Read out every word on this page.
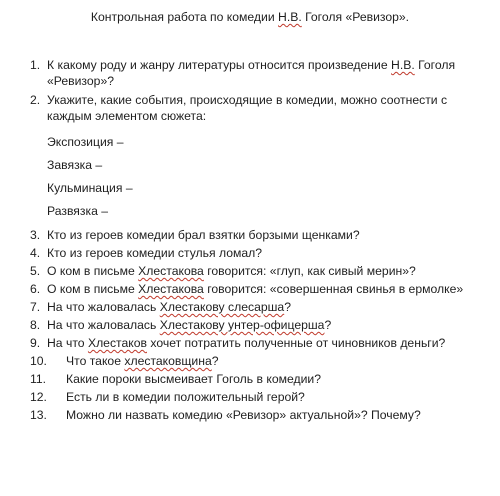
Контрольная работа по комедии Н.В. Гоголя «Ревизор».
1. К какому роду и жанру литературы относится произведение Н.В. Гоголя
«Ревизор»?
2. Укажите, какие события, происходящие в комедии, можно соотнести с
каждым элементом сюжета:
Экспозиция –
Завязка –
Кульминация –
Развязка –
3. Кто из героев комедии брал взятки борзыми щенками?
4. Кто из героев комедии стулья ломал?
5. О ком в письме Хлестакова говорится: «глуп, как сивый мерин»?
6. О ком в письме Хлестакова говорится: «совершенная свинья в ермолке»
7. На что жаловалась Хлестакову слесарша?
8. На что жаловалась Хлестакову унтер-офицерша?
9. На что Хлестаков хочет потратить полученные от чиновников деньги?
10. Что такое хлестаковщина?
11. Какие пороки высмеивает Гоголь в комедии?
12. Есть ли в комедии положительный герой?
13. Можно ли назвать комедию «Ревизор» актуальной»? Почему?
